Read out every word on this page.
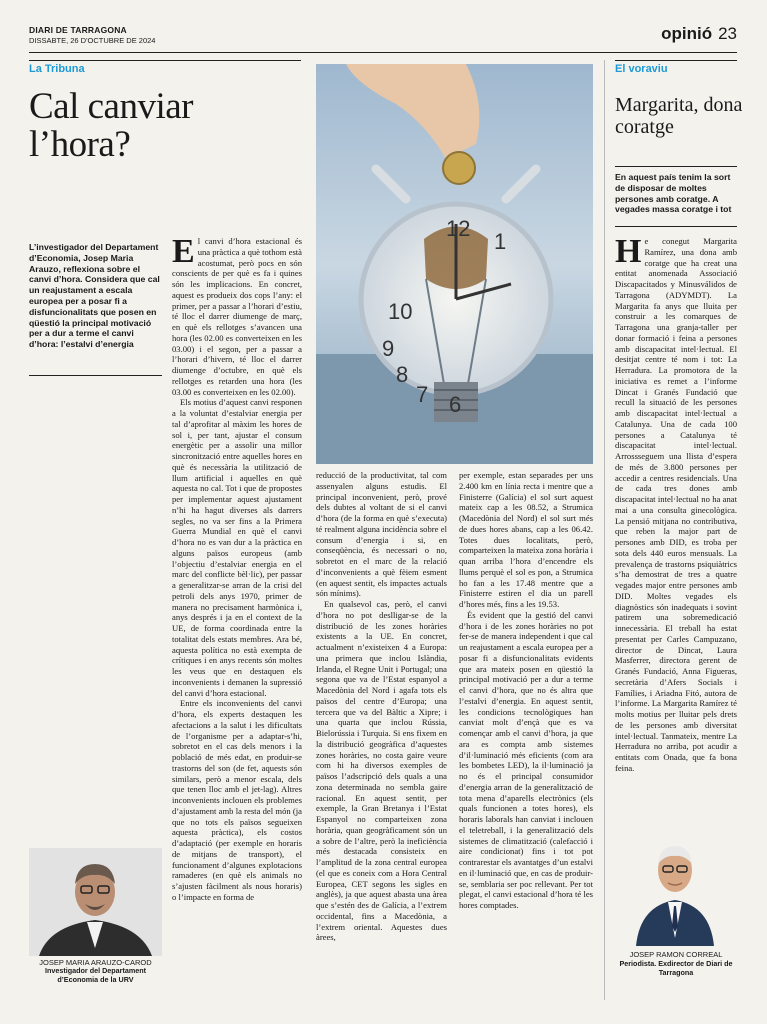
DIARI DE TARRAGONA
DISSABTE, 26 D'OCTUBRE DE 2024	opinió 23
La Tribuna
Cal canviar l’hora?
L’investigador del Departament d’Economia, Josep Maria Arauzo, reflexiona sobre el canvi d’hora. Considera que cal un reajustament a escala europea per a posar fi a disfuncionalitats que posen en qüestió la principal motivació per a dur a terme el canvi d’hora: l’estalvi d’energia

El canvi d’hora estacional és una pràctica a què tothom està acostumat, però pocs en són conscients de per què es fa i quines són les implicacions. En concret, aquest es produeix dos cops l’any: el primer, per a passar a l’horari d’estiu, té lloc el darrer diumenge de març, en què els rellotges s’avancen una hora (les 02.00 es converteixen en les 03.00) i el segon, per a passar a l’horari d’hivern, té lloc el darrer diumenge d’octubre, en què els rellotges es retarden una hora (les 03.00 es converteixen en les 02.00).

Els motius d’aquest canvi responen a la voluntat d’estalviar energia per tal d’aprofitar al màxim les hores de sol i, per tant, ajustar el consum energètic per a assolir una millor sincronització entre aquelles hores en què és necessària la utilització de llum artificial i aquelles en què aquesta no cal. Tot i que de propostes per implementar aquest ajustament n’hi ha hagut diverses als darrers segles, no va ser fins a la Primera Guerra Mundial en què el canvi d’hora no es van dur a la pràctica en alguns països europeus (amb l’objectiu d’estalviar energia en el marc del conflicte bèl·lic), per passar a generalitzar-se arran de la crisi del petroli dels anys 1970, primer de manera no precisament harmònica i, anys després i ja en el context de la UE, de forma coordinada entre la totalitat dels estats membres. Ara bé, aquesta política no està exempta de crítiques i en anys recents són moltes les veus que en destaquen els inconvenients i demanen la supressió del canvi d’hora estacional.

Entre els inconvenients del canvi d’hora, els experts destaquen les afectacions a la salut i les dificultats de l’organisme per a adaptar-s’hi, sobretot en el cas dels menors i la població de més edat, en produir-se trastorns del son (de fet, aquests són similars, però a menor escala, dels que tenen lloc amb el jet-lag). Altres inconvenients inclouen els problemes d’ajustament amb la resta del món (ja que no tots els països segueixen aquesta pràctica), els costos d’adaptació (per exemple en horaris de mitjans de transport), el funcionament d’algunes explotacions ramaderes (en què els animals no s’ajusten fàcilment als nous horaris) o l’impacte en forma de

JOSEP MARIA ARAUZO-CAROD
Investigador del Departament d’Economia de la URV
12
1
10
9
8
7 6

reducció de la productivitat, tal com assenyalen alguns estudis. El principal inconvenient, però, prové dels dubtes al voltant de si el canvi d’hora (de la forma en què s’executa) té realment alguna incidència sobre el consum d’energia i si, en conseqüència, és necessari o no, sobretot en el marc de la relació d’inconvenients a què fèiem esment (en aquest sentit, els impactes actuals són mínims).

En qualsevol cas, però, el canvi d’hora no pot deslligar-se de la distribució de les zones horàries existents a la UE. En concret, actualment n’existeixen 4 a Europa: una primera que inclou Islàndia, Irlanda, el Regne Unit i Portugal; una segona que va de l’Estat espanyol a Macedònia del Nord i agafa tots els països del centre d’Europa; una tercera que va del Bàltic a Xipre; i una quarta que inclou Rússia, Bielorússia i Turquia. Si ens fixem en la distribució geogràfica d’aquestes zones horàries, no costa gaire veure com hi ha diversos exemples de països l’adscripció dels quals a una zona determinada no sembla gaire racional. En aquest sentit, per exemple, la Gran Bretanya i l’Estat Espanyol no comparteixen zona horària, quan geogràficament són un a sobre de l’altre, però la ineficiència més destacada consisteix en l’amplitud de la zona central europea (el que es coneix com a Hora Central Europea, CET segons les sigles en anglès), ja que aquest abasta una àrea que s’estén des de Galícia, a l’extrem occidental, fins a Macedònia, a l’extrem oriental. Aquestes dues àrees,

per exemple, estan separades per uns 2.400 km en línia recta i mentre que a Finisterre (Galícia) el sol surt aquest mateix cap a les 08.52, a Strumica (Macedònia del Nord) el sol surt més de dues hores abans, cap a les 06.42. Totes dues localitats, però, comparteixen la mateixa zona horària i quan arriba l’hora d’encendre els llums perquè el sol es pon, a Strumica ho fan a les 17.48 mentre que a Finisterre estiren el dia un parell d’hores més, fins a les 19.53.

És evident que la gestió del canvi d’hora i de les zones horàries no pot fer-se de manera independent i que cal un reajustament a escala europea per a posar fi a disfuncionalitats evidents que ara mateix posen en qüestió la principal motivació per a dur a terme el canvi d’hora, que no és altra que l’estalvi d’energia. En aquest sentit, les condicions tecnològiques han canviat molt d’ençà que es va començar amb el canvi d’hora, ja que ara es compta amb sistemes d’il·luminació més eficients (com ara les bombetes LED), la il·luminació ja no és el principal consumidor d’energia arran de la generalització de tota mena d’aparells electrònics (els quals funcionen a totes hores), els horaris laborals han canviat i inclouen el teletreball, i la generalització dels sistemes de climatització (calefacció i aire condicionat) fins i tot pot contrarestar els avantatges d’un estalvi en il·luminació que, en cas de produir-se, semblaria ser poc rellevant. Per tot plegat, el canvi estacional d’hora té les hores comptades.

El voraviu
Margarita, dona coratge
En aquest país tenim la sort de disposar de moltes persones amb coratge. A vegades massa coratge i tot

He conegut Margarita Ramírez, una dona amb coratge que ha creat una entitat anomenada Associació Discapacitados y Minusválidos de Tarragona (ADYMDT). La Margarita fa anys que lluita per construir a les comarques de Tarragona una granja-taller per donar formació i feina a persones amb discapacitat intel·lectual. El desitjat centre té nom i tot: La Herradura. La promotora de la iniciativa es remet a l’informe Dincat i Granés Fundació que recull la situació de les persones amb discapacitat intel·lectual a Catalunya. Una de cada 100 persones a Catalunya té discapacitat intel·lectual. Arrossseguem una llista d’espera de més de 3.800 persones per accedir a centres residencials. Una de cada tres dones amb discapacitat intel·lectual no ha anat mai a una consulta ginecològica. La pensió mitjana no contributiva, que reben la major part de persones amb DID, es troba per sota dels 440 euros mensuals. La prevalença de trastorns psiquiàtrics s’ha demostrat de tres a quatre vegades major entre persones amb DID. Moltes vegades els diagnòstics són inadequats i sovint patirem una sobremedicació innecessària. El treball ha estat presentat per Carles Campuzano, director de Dincat, Laura Masferrer, directora gerent de Granés Fundació, Anna Figueras, secretària d’Afers Socials i Famílies, i Ariadna Fitó, autora de l’informe. La Margarita Ramírez té molts motius per lluitar pels drets de les persones amb diversitat intel·lectual. Tanmateix, mentre La Herradura no arriba, pot acudir a entitats com Onada, que fa bona feina.

JOSEP RAMON CORREAL
Periodista. Exdirector de Diari de Tarragona
